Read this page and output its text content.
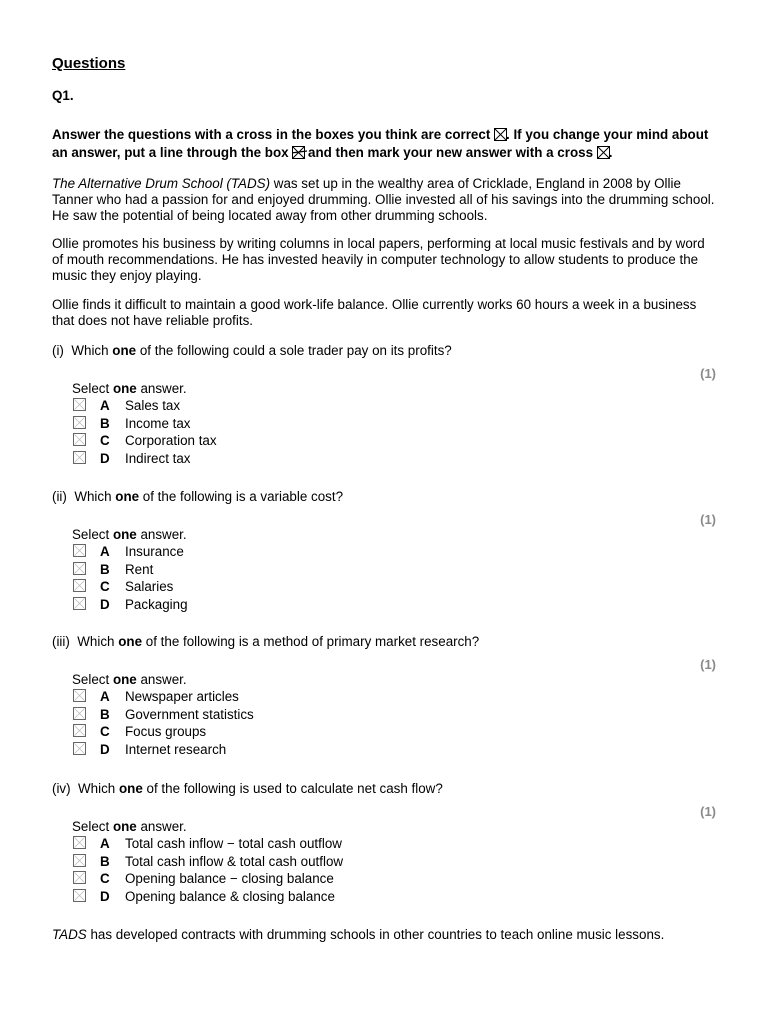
Questions
Q1.
Answer the questions with a cross in the boxes you think are correct ☒. If you change your mind about an answer, put a line through the box
and then mark your new answer with a cross ☒.
The Alternative Drum School (TADS) was set up in the wealthy area of Cricklade, England in 2008 by Ollie Tanner who had a passion for and enjoyed drumming. Ollie invested all of his savings into the drumming school. He saw the potential of being located away from other drumming schools.
Ollie promotes his business by writing columns in local papers, performing at local music festivals and by word of mouth recommendations. He has invested heavily in computer technology to allow students to produce the music they enjoy playing.
Ollie finds it difficult to maintain a good work-life balance. Ollie currently works 60 hours a week in a business that does not have reliable profits.
(i) Which one of the following could a sole trader pay on its profits?
(1)
Select one answer.
A Sales tax
B Income tax
C Corporation tax
D Indirect tax
(ii) Which one of the following is a variable cost?
(1)
Select one answer.
A Insurance
B Rent
C Salaries
D Packaging
(iii) Which one of the following is a method of primary market research?
(1)
Select one answer.
A Newspaper articles
B Government statistics
C Focus groups
D Internet research
(iv) Which one of the following is used to calculate net cash flow?
(1)
Select one answer.
A Total cash inflow − total cash outflow
B Total cash inflow & total cash outflow
C Opening balance − closing balance
D Opening balance & closing balance
TADS has developed contracts with drumming schools in other countries to teach online music lessons.
